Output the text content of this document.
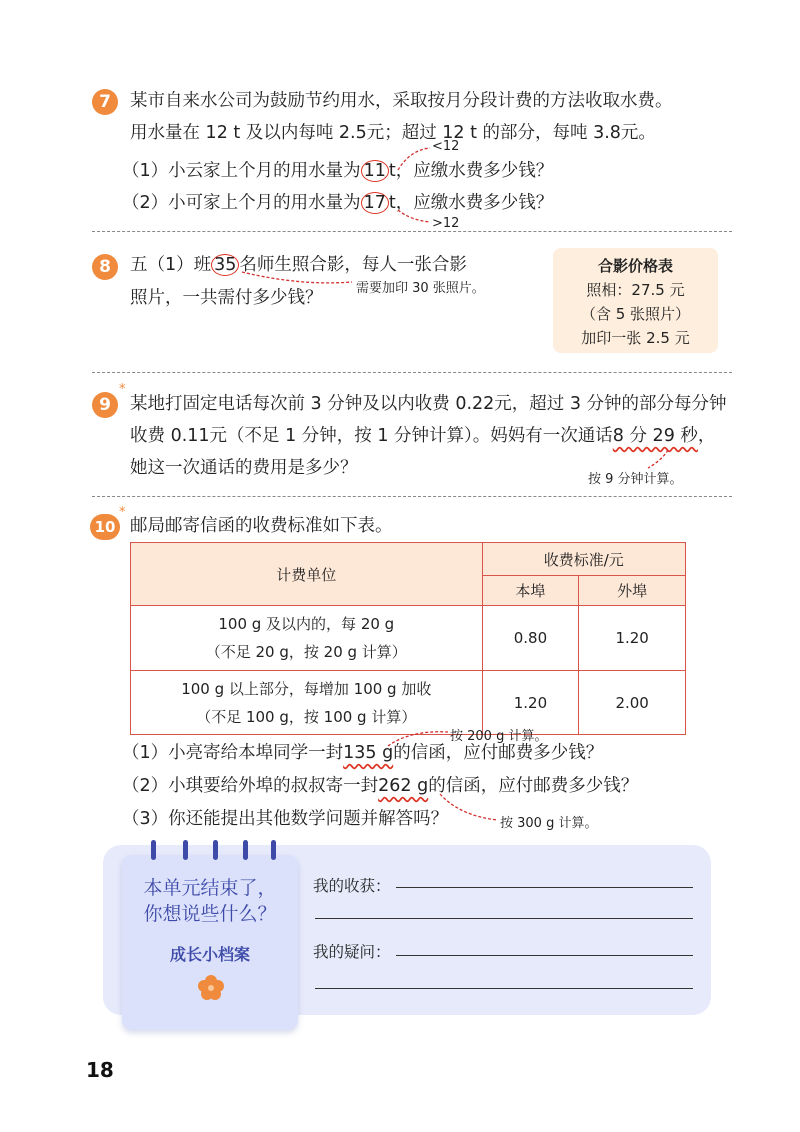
7	某市自来水公司为鼓励节约用水，采取按月分段计费的方法收取水费。
用水量在 12 t 及以内每吨 2.5元；超过 12 t 的部分，每吨 3.8元。
<12
（1）小云家上个月的用水量为 11 t，应缴水费多少钱？
（2）小可家上个月的用水量为 17 t，应缴水费多少钱？
>12
8	五（1）班 35 名师生照合影，每人一张合影
照片，一共需付多少钱？	需要加印 30 张照片。
合影价格表
照相：27.5 元
（含 5 张照片）
加印一张 2.5 元
9
*
某地打固定电话每次前 3 分钟及以内收费 0.22元，超过 3 分钟的部分每分钟
收费 0.11元（不足 1 分钟，按 1 分钟计算）。妈妈有一次通话8 分 29 秒，
她这一次通话的费用是多少？
按 9 分钟计算。
10
*
邮局邮寄信函的收费标准如下表。
计费单位	收费标准/元	
	本埠	外埠

100 g 及以内的，每 20 g
（不足 20 g，按 20 g 计算）	0.80	1.20

100 g 以上部分，每增加 100 g 加收
（不足 100 g，按 100 g 计算）	1.20	2.00
按 200 g 计算。
（1）小亮寄给本埠同学一封135 g的信函，应付邮费多少钱？
（2）小琪要给外埠的叔叔寄一封262 g的信函，应付邮费多少钱？
（3）你还能提出其他数学问题并解答吗？	按 300 g 计算。
本单元结束了，
你想说些什么？
成长小档案
我的收获：
我的疑问：
18
